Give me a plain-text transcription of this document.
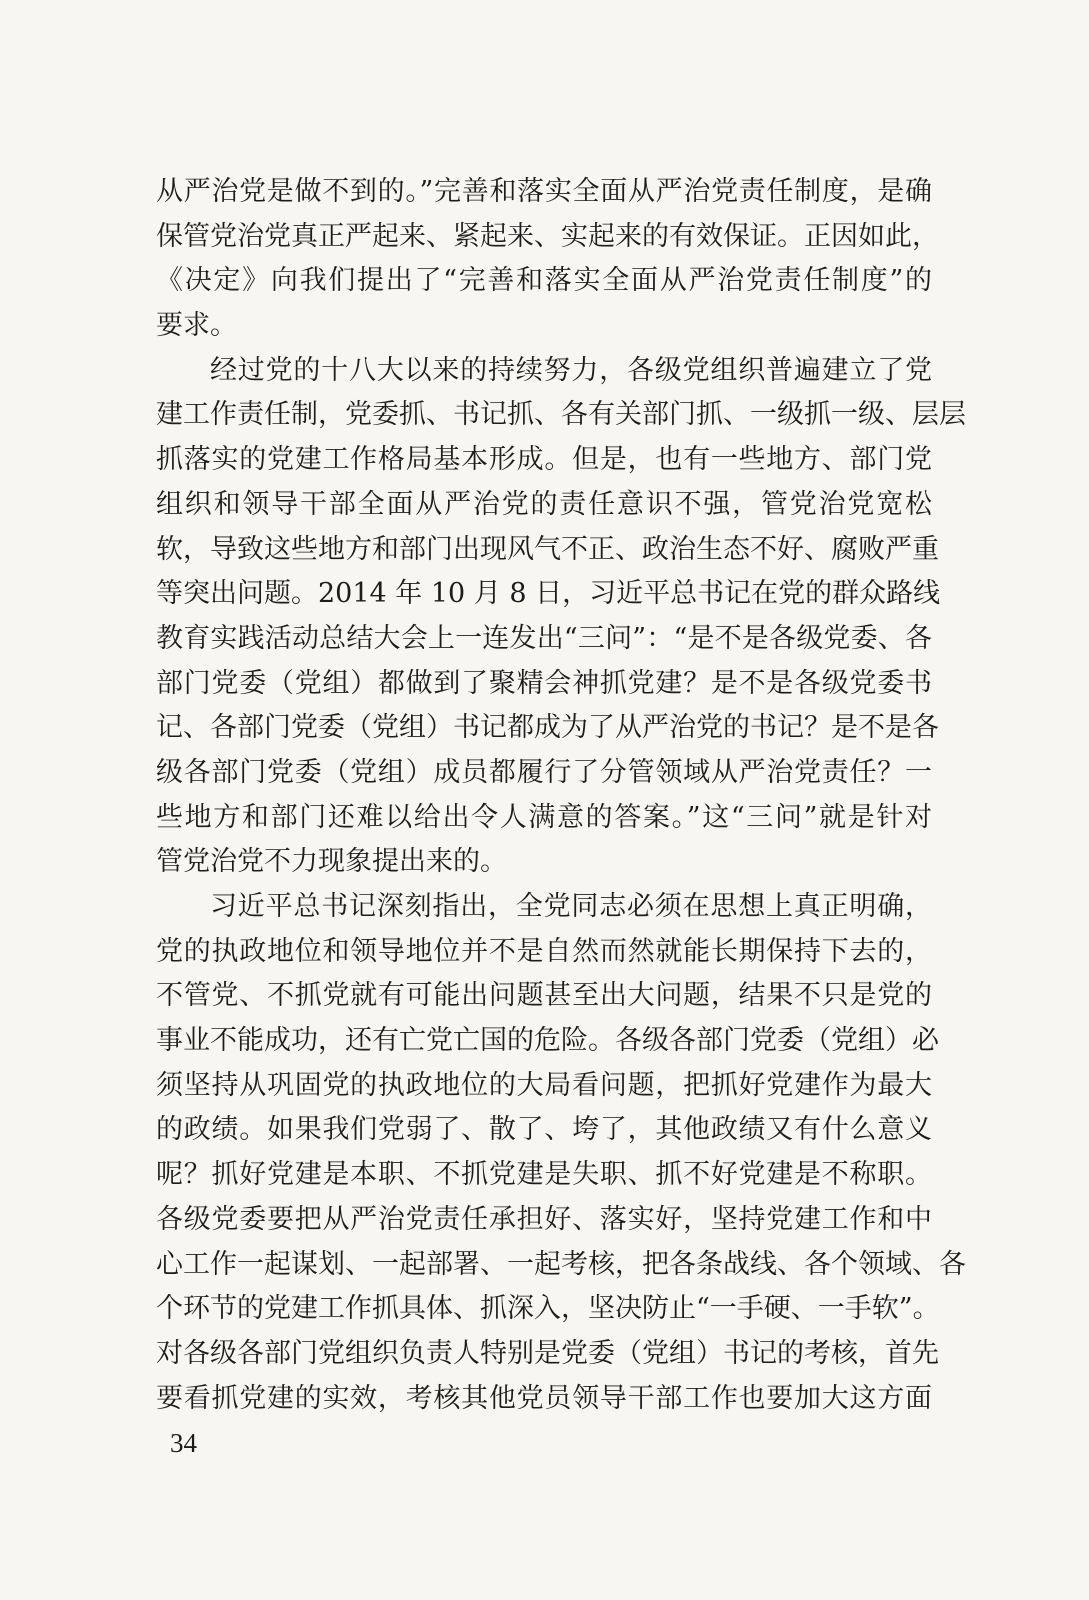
从严治党是做不到的。”完善和落实全面从严治党责任制度，是确
保管党治党真正严起来、紧起来、实起来的有效保证。正因如此，
《决定》向我们提出了“完善和落实全面从严治党责任制度”的
要求。
经过党的十八大以来的持续努力，各级党组织普遍建立了党
建工作责任制，党委抓、书记抓、各有关部门抓、一级抓一级、层层
抓落实的党建工作格局基本形成。但是，也有一些地方、部门党
组织和领导干部全面从严治党的责任意识不强，管党治党宽松
软，导致这些地方和部门出现风气不正、政治生态不好、腐败严重
等突出问题。2014 年 10 月 8 日，习近平总书记在党的群众路线
教育实践活动总结大会上一连发出“三问”：“是不是各级党委、各
部门党委（党组）都做到了聚精会神抓党建？是不是各级党委书
记、各部门党委（党组）书记都成为了从严治党的书记？是不是各
级各部门党委（党组）成员都履行了分管领域从严治党责任？一
些地方和部门还难以给出令人满意的答案。”这“三问”就是针对
管党治党不力现象提出来的。
习近平总书记深刻指出，全党同志必须在思想上真正明确，
党的执政地位和领导地位并不是自然而然就能长期保持下去的，
不管党、不抓党就有可能出问题甚至出大问题，结果不只是党的
事业不能成功，还有亡党亡国的危险。各级各部门党委（党组）必
须坚持从巩固党的执政地位的大局看问题，把抓好党建作为最大
的政绩。如果我们党弱了、散了、垮了，其他政绩又有什么意义
呢？抓好党建是本职、不抓党建是失职、抓不好党建是不称职。
各级党委要把从严治党责任承担好、落实好，坚持党建工作和中
心工作一起谋划、一起部署、一起考核，把各条战线、各个领域、各
个环节的党建工作抓具体、抓深入，坚决防止“一手硬、一手软”。
对各级各部门党组织负责人特别是党委（党组）书记的考核，首先
要看抓党建的实效，考核其他党员领导干部工作也要加大这方面
34
